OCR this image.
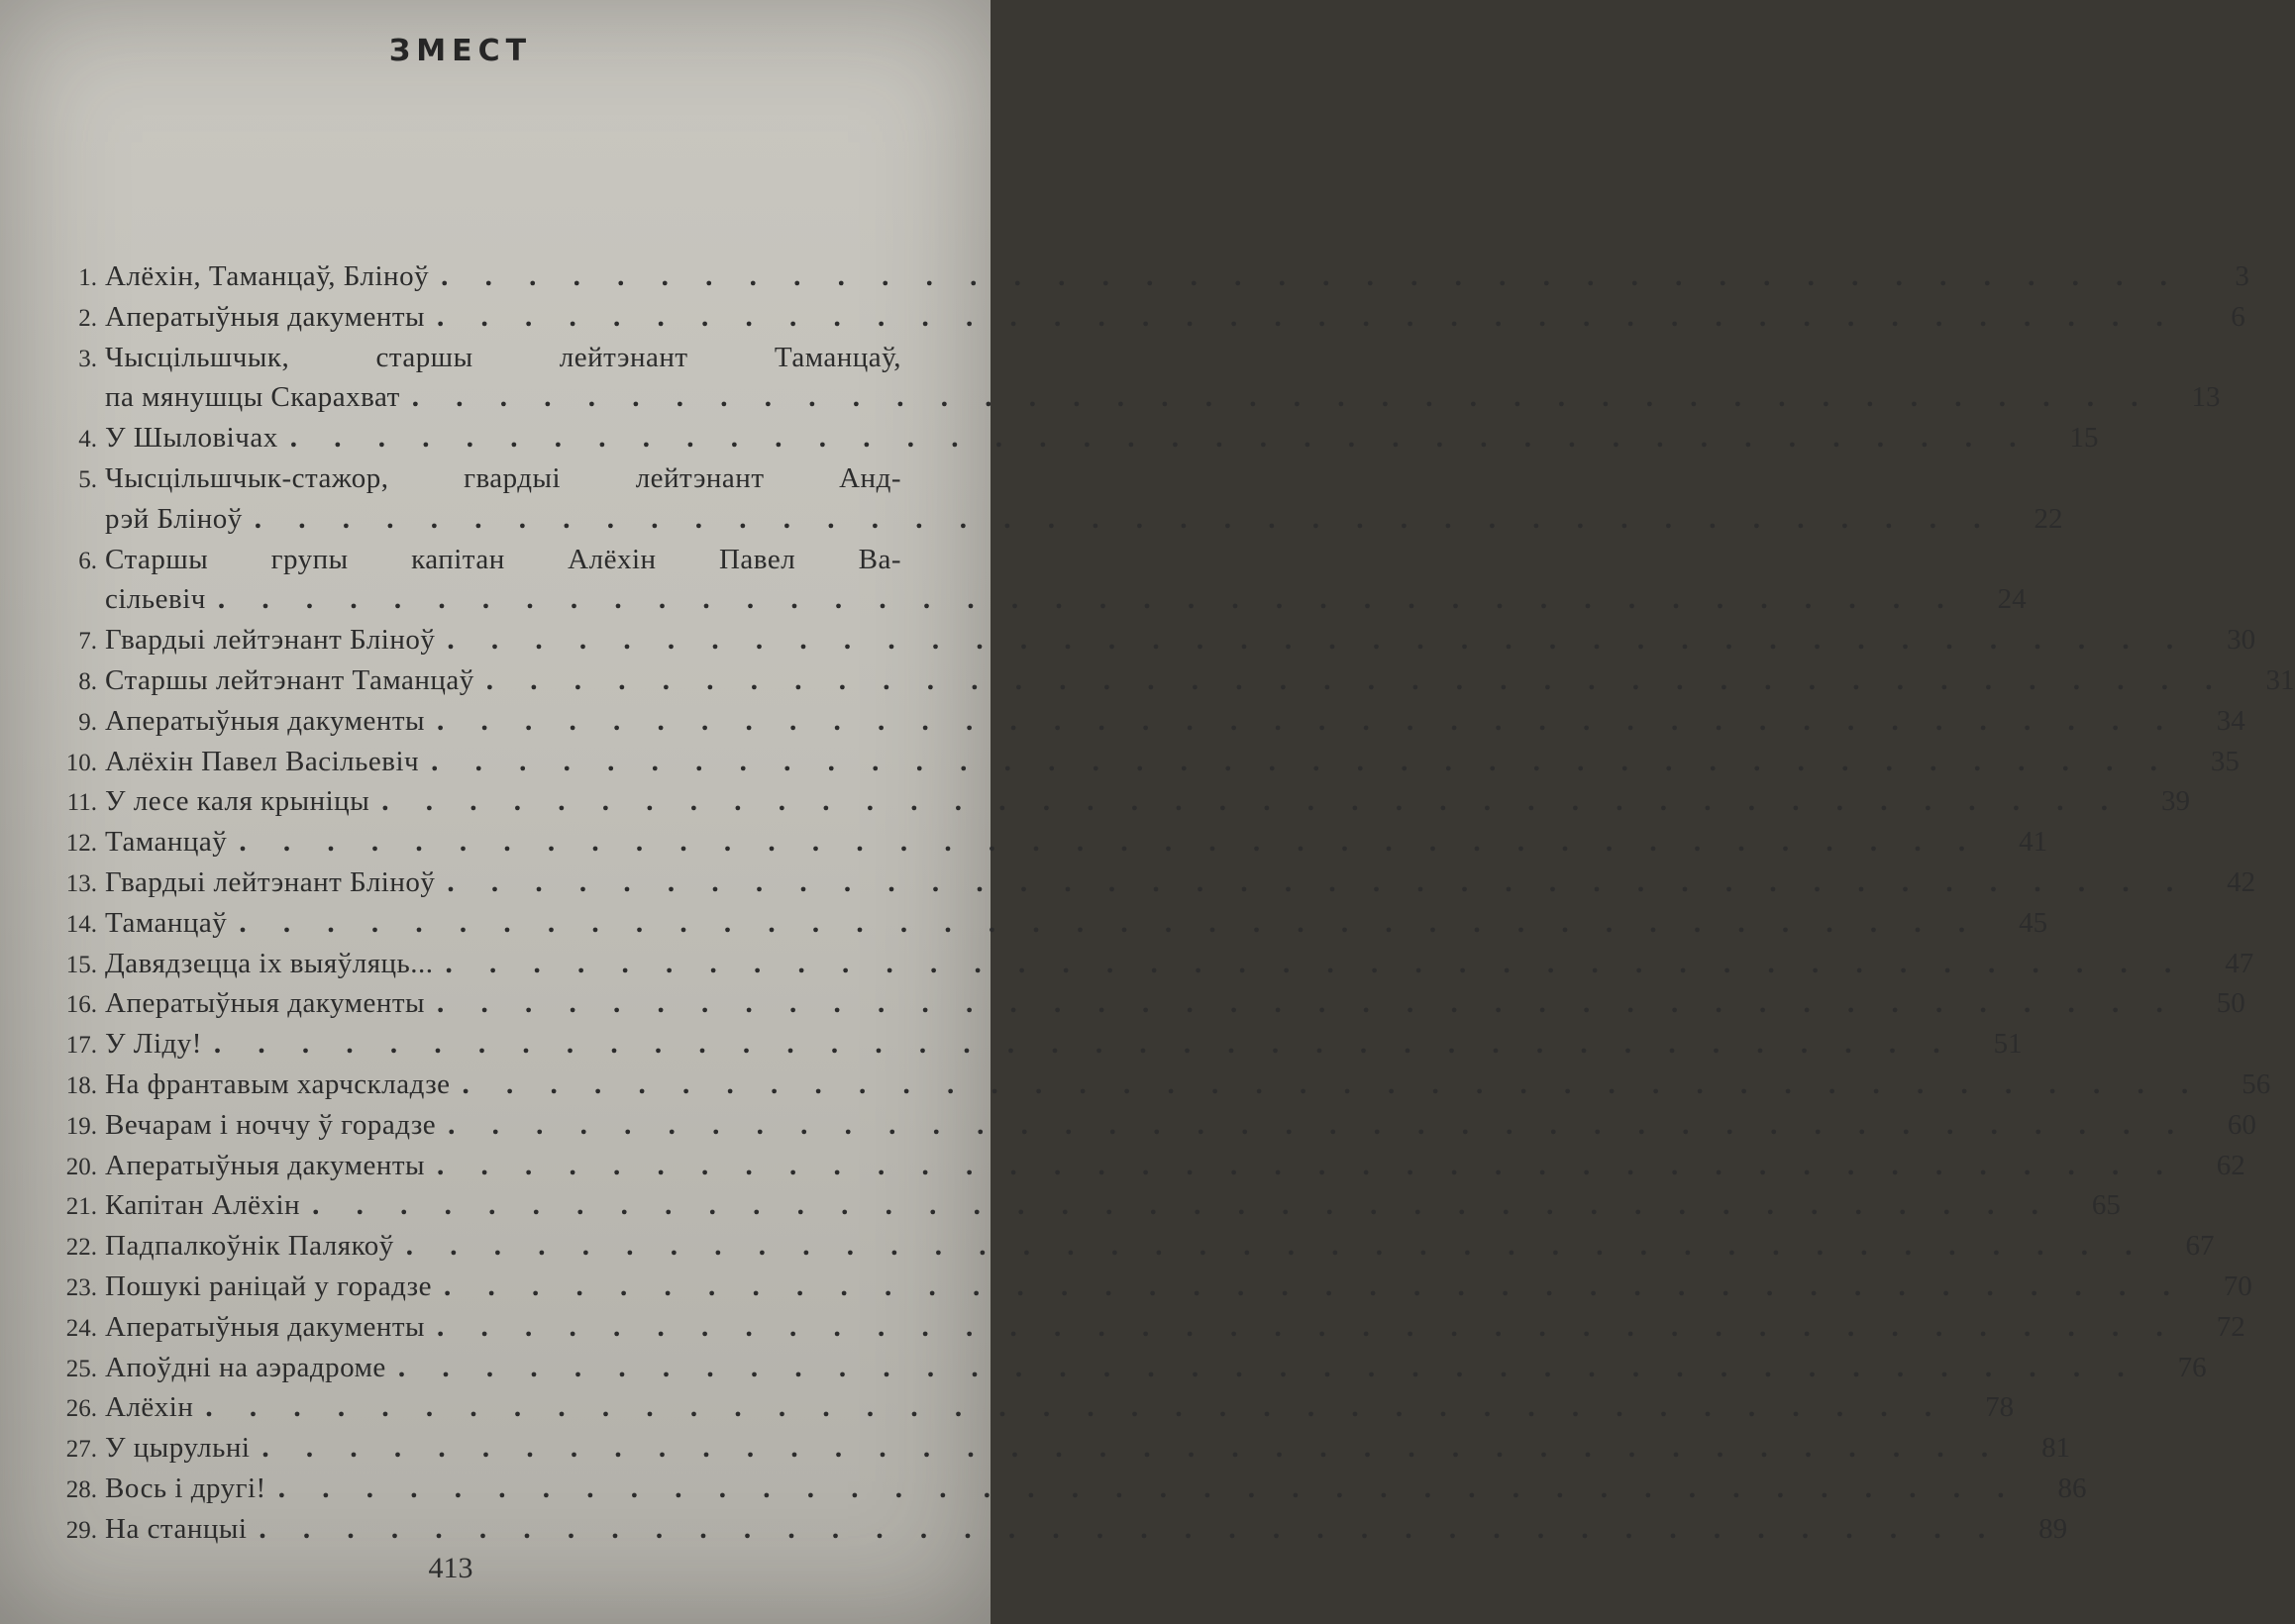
ЗМЕСТ
1. Алёхін, Таманцаў, Бліноў . . . . . . . . . . . . . . . . . . . . . . . . . . . . . . . . . . . . . . . .	3
2. Аператыўныя дакументы . . . . . . . . . . . . . . . . . . . . . . . . . . . . . . . . . . . . . . . .	6
3. Чысцільшчык, старшы лейтэнант Таманцаў,
па мянушцы Скарахват . . . . . . . . . . . . . . . . . . . . . . . . . . . . . . . . . . . . . . . .	13
4. У Шыловічах . . . . . . . . . . . . . . . . . . . . . . . . . . . . . . . . . . . . . . . .	15
5. Чысцільшчык-стажор, гвардыі лейтэнант Анд-
рэй Бліноў . . . . . . . . . . . . . . . . . . . . . . . . . . . . . . . . . . . . . . . .	22
6. Старшы групы капітан Алёхін Павел Ва-
сільевіч . . . . . . . . . . . . . . . . . . . . . . . . . . . . . . . . . . . . . . . .	24
7. Гвардыі лейтэнант Бліноў . . . . . . . . . . . . . . . . . . . . . . . . . . . . . . . . . . . . . . . .	30
8. Старшы лейтэнант Таманцаў . . . . . . . . . . . . . . . . . . . . . . . . . . . . . . . . . . . . . . . .	31
9. Аператыўныя дакументы . . . . . . . . . . . . . . . . . . . . . . . . . . . . . . . . . . . . . . . .	34
10. Алёхін Павел Васільевіч . . . . . . . . . . . . . . . . . . . . . . . . . . . . . . . . . . . . . . . .	35
11. У лесе каля крыніцы . . . . . . . . . . . . . . . . . . . . . . . . . . . . . . . . . . . . . . . .	39
12. Таманцаў . . . . . . . . . . . . . . . . . . . . . . . . . . . . . . . . . . . . . . . .	41
13. Гвардыі лейтэнант Бліноў . . . . . . . . . . . . . . . . . . . . . . . . . . . . . . . . . . . . . . . .	42
14. Таманцаў . . . . . . . . . . . . . . . . . . . . . . . . . . . . . . . . . . . . . . . .	45
15. Давядзецца іх выяўляць... . . . . . . . . . . . . . . . . . . . . . . . . . . . . . . . . . . . . . . . .	47
16. Аператыўныя дакументы . . . . . . . . . . . . . . . . . . . . . . . . . . . . . . . . . . . . . . . .	50
17. У Ліду! . . . . . . . . . . . . . . . . . . . . . . . . . . . . . . . . . . . . . . . .	51
18. На франтавым харчскладзе . . . . . . . . . . . . . . . . . . . . . . . . . . . . . . . . . . . . . . . .	56
19. Вечарам і ноччу ў горадзе . . . . . . . . . . . . . . . . . . . . . . . . . . . . . . . . . . . . . . . .	60
20. Аператыўныя дакументы . . . . . . . . . . . . . . . . . . . . . . . . . . . . . . . . . . . . . . . .	62
21. Капітан Алёхін . . . . . . . . . . . . . . . . . . . . . . . . . . . . . . . . . . . . . . . .	65
22. Падпалкоўнік Палякоў . . . . . . . . . . . . . . . . . . . . . . . . . . . . . . . . . . . . . . . .	67
23. Пошукі раніцай у горадзе . . . . . . . . . . . . . . . . . . . . . . . . . . . . . . . . . . . . . . . .	70
24. Аператыўныя дакументы . . . . . . . . . . . . . . . . . . . . . . . . . . . . . . . . . . . . . . . .	72
25. Апоўдні на аэрадроме . . . . . . . . . . . . . . . . . . . . . . . . . . . . . . . . . . . . . . . .	76
26. Алёхін . . . . . . . . . . . . . . . . . . . . . . . . . . . . . . . . . . . . . . . .	78
27. У цырульні . . . . . . . . . . . . . . . . . . . . . . . . . . . . . . . . . . . . . . . .	81
28. Вось і другі! . . . . . . . . . . . . . . . . . . . . . . . . . . . . . . . . . . . . . . . .	86
29. На станцыі . . . . . . . . . . . . . . . . . . . . . . . . . . . . . . . . . . . . . . . .	89
413
